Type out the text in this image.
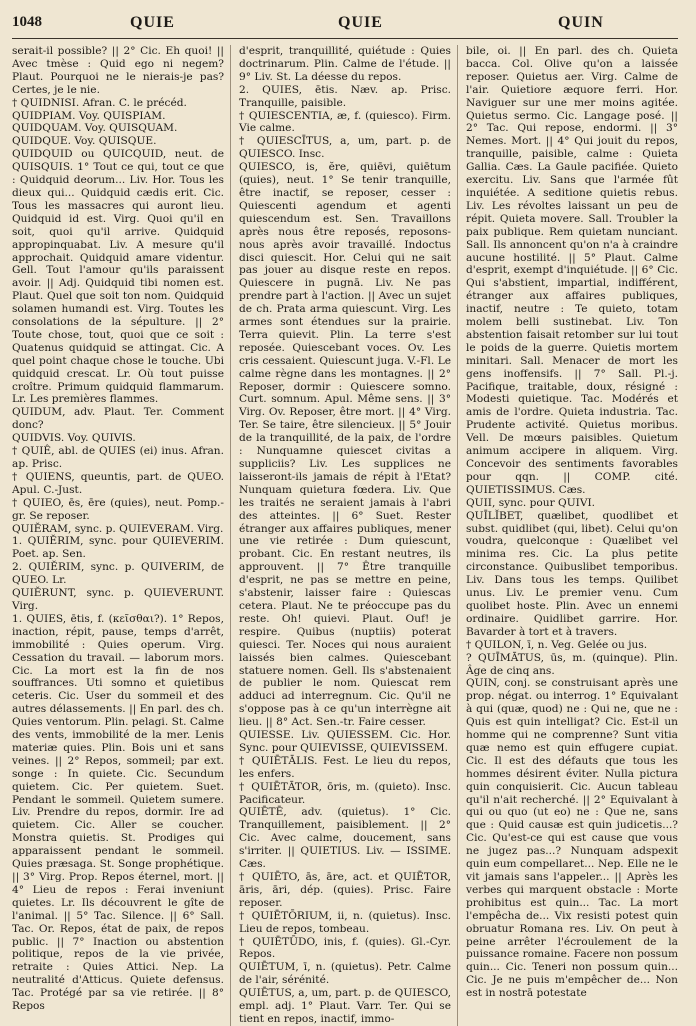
1048	QUIE	QUIE	QUIN

serait-il possible? || 2° Cic. Eh quoi! || Avec tmèse : Quid ego ni negem? Plaut. Pourquoi ne le nierais-je pas? Certes, je le nie.

† QUIDNISI. Afran. C. le précéd.

QUIDPIAM. Voy. QUISPIAM.

QUIDQUAM. Voy. QUISQUAM.

QUIDQUE. Voy. QUISQUE.

QUIDQUID ou QUICQUID, neut. de QUISQUIS. 1° Tout ce qui, tout ce que : Quidquid deorum... Liv. Hor. Tous les dieux qui... Quidquid cædis erit. Cic. Tous les massacres qui auront lieu. Quidquid id est. Virg. Quoi qu'il en soit, quoi qu'il arrive. Quidquid appropinquabat. Liv. A mesure qu'il approchait. Quidquid amare videntur. Gell. Tout l'amour qu'ils paraissent avoir. || Adj. Quidquid tibi nomen est. Plaut. Quel que soit ton nom. Quidquid solamen humandi est. Virg. Toutes les consolations de la sépulture. || 2° Toute chose, tout, quoi que ce soit : Quatenus quidquid se attingat. Cic. A quel point chaque chose le touche. Ubi quidquid crescat. Lr. Où tout puisse croître. Primum quidquid flammarum. Lr. Les premières flammes.

QUIDUM, adv. Plaut. Ter. Comment donc?

QUIDVIS. Voy. QUIVIS.

† QUIÊ, abl. de QUIES (ei) inus. Afran. ap. Prisc.

† QUIENS, queuntis, part. de QUEO. Apul. C.-Just.

† QUIEO, ēs, ēre (quies), neut. Pomp.-gr. Se reposer.

QUIĔRAM, sync. p. QUIEVERAM. Virg.

1. QUIĔRIM, sync. pour QUIEVERIM. Poet. ap. Sen.

2. QUIĔRIM, sync. p. QUIVERIM, de QUEO. Lr.

QUIĔRUNT, sync. p. QUIEVERUNT. Virg.

1. QUIES, ētis, f. (κεῖσθαι?). 1° Repos, inaction, répit, pause, temps d'arrêt, immobilité : Quies operum. Virg. Cessation du travail. — laborum mors. Cic. La mort est la fin de nos souffrances. Uti somno et quietibus ceteris. Cic. User du sommeil et des autres délassements. || En parl. des ch. Quies ventorum. Plin. pelagi. St. Calme des vents, immobilité de la mer. Lenis materiæ quies. Plin. Bois uni et sans veines. || 2° Repos, sommeil; par ext. songe : In quiete. Cic. Secundum quietem. Cic. Per quietem. Suet. Pendant le sommeil. Quietem sumere. Liv. Prendre du repos, dormir. Ire ad quietem. Cic. Aller se coucher. Monstra quietis. St. Prodiges qui apparaissent pendant le sommeil. Quies præsaga. St. Songe prophétique. || 3° Virg. Prop. Repos éternel, mort. || 4° Lieu de repos : Ferai inveniunt quietes. Lr. Ils découvrent le gîte de l'animal. || 5° Tac. Silence. || 6° Sall. Tac. Or. Repos, état de paix, de repos public. || 7° Inaction ou abstention politique, repos de la vie privée, retraite : Quies Attici. Nep. La neutralité d'Atticus. Quiete defensus. Tac. Protégé par sa vie retirée. || 8° Repos

d'esprit, tranquillité, quiétude : Quies doctrinarum. Plin. Calme de l'étude. || 9° Liv. St. La déesse du repos.

2. QUIES, ētis. Næv. ap. Prisc. Tranquille, paisible.

† QUIESCENTIA, æ, f. (quiesco). Firm. Vie calme.

† QUIESCĪTUS, a, um, part. p. de QUIESCO. Insc.

QUIESCO, is, ĕre, quiēvi, quiētum (quies), neut. 1° Se tenir tranquille, être inactif, se reposer, cesser : Quiescenti agendum et agenti quiescendum est. Sen. Travaillons après nous être reposés, reposons-nous après avoir travaillé. Indoctus disci quiescit. Hor. Celui qui ne sait pas jouer au disque reste en repos. Quiescere in pugnā. Liv. Ne pas prendre part à l'action. || Avec un sujet de ch. Prata arma quiescunt. Virg. Les armes sont étendues sur la prairie. Terra quievit. Plin. La terre s'est reposée. Quiescebant voces. Ov. Les cris cessaient. Quiescunt juga. V.-Fl. Le calme règne dans les montagnes. || 2° Reposer, dormir : Quiescere somno. Curt. somnum. Apul. Même sens. || 3° Virg. Ov. Reposer, être mort. || 4° Virg. Ter. Se taire, être silencieux. || 5° Jouir de la tranquillité, de la paix, de l'ordre : Nunquamne quiescet civitas a suppliciis? Liv. Les supplices ne laisseront-ils jamais de répit à l'Etat? Nunquam quietura fœdera. Liv. Que les traités ne seraient jamais à l'abri des atteintes. || 6° Suet. Rester étranger aux affaires publiques, mener une vie retirée : Dum quiescunt, probant. Cic. En restant neutres, ils approuvent. || 7° Être tranquille d'esprit, ne pas se mettre en peine, s'abstenir, laisser faire : Quiescas cetera. Plaut. Ne te préoccupe pas du reste. Oh! quievi. Plaut. Ouf! je respire. Quibus (nuptiis) poterat quiesci. Ter. Noces qui nous auraient laissés bien calmes. Quiescebant statuere nomen. Gell. Ils s'abstenaient de publier le nom. Quiescat rem adduci ad interregnum. Cic. Qu'il ne s'oppose pas à ce qu'un interrègne ait lieu. || 8° Act. Sen.-tr. Faire cesser.

QUIESSE. Liv. QUIESSEM. Cic. Hor. Sync. pour QUIEVISSE, QUIEVISSEM.

† QUIĒTĀLIS. Fest. Le lieu du repos, les enfers.

† QUIĒTĀTOR, ōris, m. (quieto). Insc. Pacificateur.

QUIĒTĒ, adv. (quietus). 1° Cic. Tranquillement, paisiblement. || 2° Cic. Avec calme, doucement, sans s'irriter. || QUIETIUS. Liv. — ISSIME. Cæs.

† QUIĒTO, ās, āre, act. et QUIĒTOR, āris, āri, dép. (quies). Prisc. Faire reposer.

† QUIĒTŌRIUM, ii, n. (quietus). Insc. Lieu de repos, tombeau.

† QUIĒTŪDO, inis, f. (quies). Gl.-Cyr. Repos.

QUIĒTUM, ī, n. (quietus). Petr. Calme de l'air, sérénité.

QUIĒTUS, a, um, part. p. de QUIESCO, empl. adj. 1° Plaut. Varr. Ter. Qui se tient en repos, inactif, immo-

bile, oi. || En parl. des ch. Quieta bacca. Col. Olive qu'on a laissée reposer. Quietus aer. Virg. Calme de l'air. Quietiore æquore ferri. Hor. Naviguer sur une mer moins agitée. Quietus sermo. Cic. Langage posé. || 2° Tac. Qui repose, endormi. || 3° Nemes. Mort. || 4° Qui jouit du repos, tranquille, paisible, calme : Quieta Gallia. Cæs. La Gaule pacifiée. Quieto exercitu. Liv. Sans que l'armée fût inquiétée. A seditione quietis rebus. Liv. Les révoltes laissant un peu de répit. Quieta movere. Sall. Troubler la paix publique. Rem quietam nunciant. Sall. Ils annoncent qu'on n'a à craindre aucune hostilité. || 5° Plaut. Calme d'esprit, exempt d'inquiétude. || 6° Cic. Qui s'abstient, impartial, indifférent, étranger aux affaires publiques, inactif, neutre : Te quieto, totam molem belli sustinebat. Liv. Ton abstention faisait retomber sur lui tout le poids de la guerre. Quietis mortem minitari. Sall. Menacer de mort les gens inoffensifs. || 7° Sall. Pl.-j. Pacifique, traitable, doux, résigné : Modesti quietique. Tac. Modérés et amis de l'ordre. Quieta industria. Tac. Prudente activité. Quietus moribus. Vell. De mœurs paisibles. Quietum animum accipere in aliquem. Virg. Concevoir des sentiments favorables pour qqn. || COMP. cité. QUIETISSIMUS. Cæs.

QUII, sync. pour QUIVI.

QUĪLĬBET, quælibet, quodlibet et subst. quidlibet (qui, libet). Celui qu'on voudra, quelconque : Quælibet vel minima res. Cic. La plus petite circonstance. Quibuslibet temporibus. Liv. Dans tous les temps. Quilibet unus. Liv. Le premier venu. Cum quolibet hoste. Plin. Avec un ennemi ordinaire. Quidlibet garrire. Hor. Bavarder à tort et à travers.

† QUILON, ī, n. Veg. Gelée ou jus.

? QUĪMĀTUS, ūs, m. (quinque). Plin. Âge de cinq ans.

QUIN, conj. se construisant après une prop. négat. ou interrog. 1° Equivalant à qui (quæ, quod) ne : Qui ne, que ne : Quis est quin intelligat? Cic. Est-il un homme qui ne comprenne? Sunt vitia quæ nemo est quin effugere cupiat. Cic. Il est des défauts que tous les hommes désirent éviter. Nulla pictura quin conquisierit. Cic. Aucun tableau qu'il n'ait recherché. || 2° Equivalant à qui ou quo (ut eo) ne : Que ne, sans que : Quid causæ est quin judicetis...? Cic. Qu'est-ce qui est cause que vous ne jugez pas...? Nunquam adspexit quin eum compellaret... Nep. Elle ne le vit jamais sans l'appeler... || Après les verbes qui marquent obstacle : Morte prohibitus est quin... Tac. La mort l'empêcha de... Vix resisti potest quin obruatur Romana res. Liv. On peut à peine arrêter l'écroulement de la puissance romaine. Facere non possum quin... Cic. Teneri non possum quin... Cic. Je ne puis m'empêcher de... Non est in nostrā potestate
